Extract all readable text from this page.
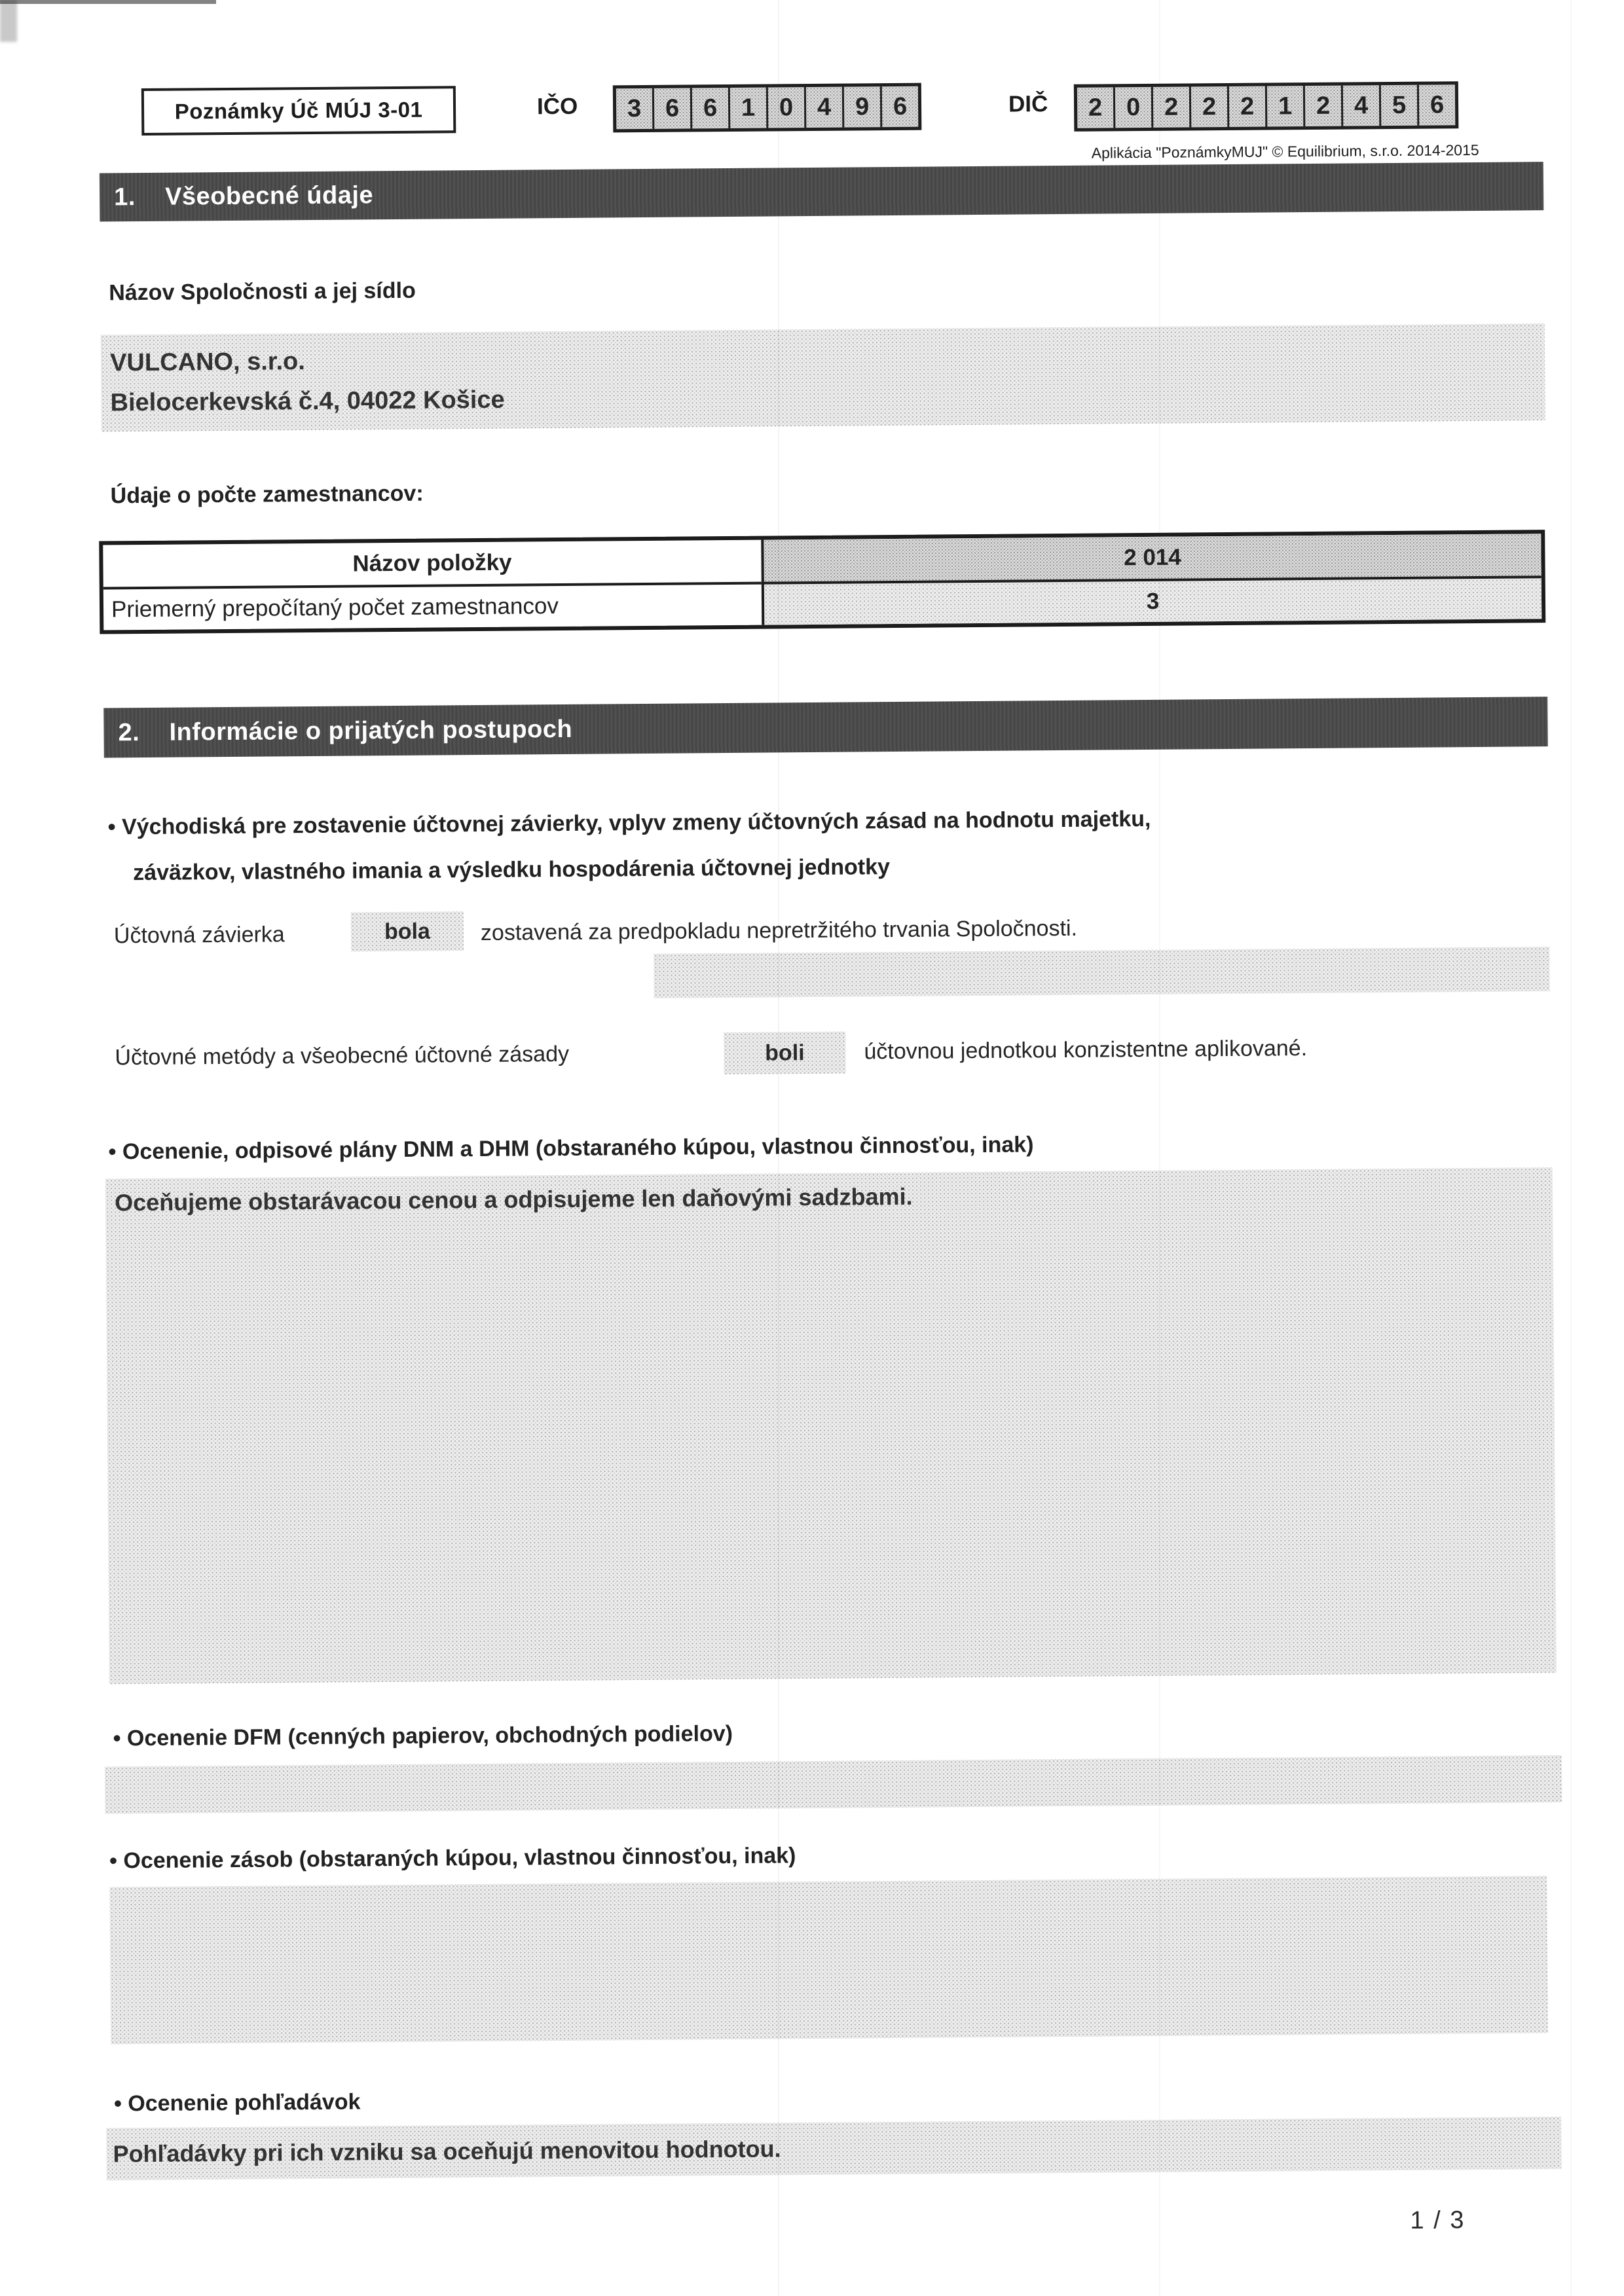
Poznámky Úč MÚJ 3-01	IČO	3 6 6 1 0 4 9 6	DIČ	2 0 2 2 2 1 2 4 5 6
Aplikácia "PoznámkyMUJ" © Equilibrium, s.r.o. 2014-2015
1.	Všeobecné údaje
Názov Spoločnosti a jej sídlo
VULCANO, s.r.o.
Bielocerkevská č.4, 04022 Košice
Údaje o počte zamestnancov:
Názov položky	2 014
Priemerný prepočítaný počet zamestnancov	3
2.	Informácie o prijatých postupoch
• Východiská pre zostavenie účtovnej závierky, vplyv zmeny účtovných zásad na hodnotu majetku,
záväzkov, vlastného imania a výsledku hospodárenia účtovnej jednotky
Účtovná závierka	bola	zostavená za predpokladu nepretržitého trvania Spoločnosti.
Účtovné metódy a všeobecné účtovné zásady	boli	účtovnou jednotkou konzistentne aplikované.
• Ocenenie, odpisové plány DNM a DHM (obstaraného kúpou, vlastnou činnosťou, inak)
Oceňujeme obstarávacou cenou a odpisujeme len daňovými sadzbami.
• Ocenenie DFM (cenných papierov, obchodných podielov)
• Ocenenie zásob (obstaraných kúpou, vlastnou činnosťou, inak)
• Ocenenie pohľadávok
Pohľadávky pri ich vzniku sa oceňujú menovitou hodnotou.
1 / 3
